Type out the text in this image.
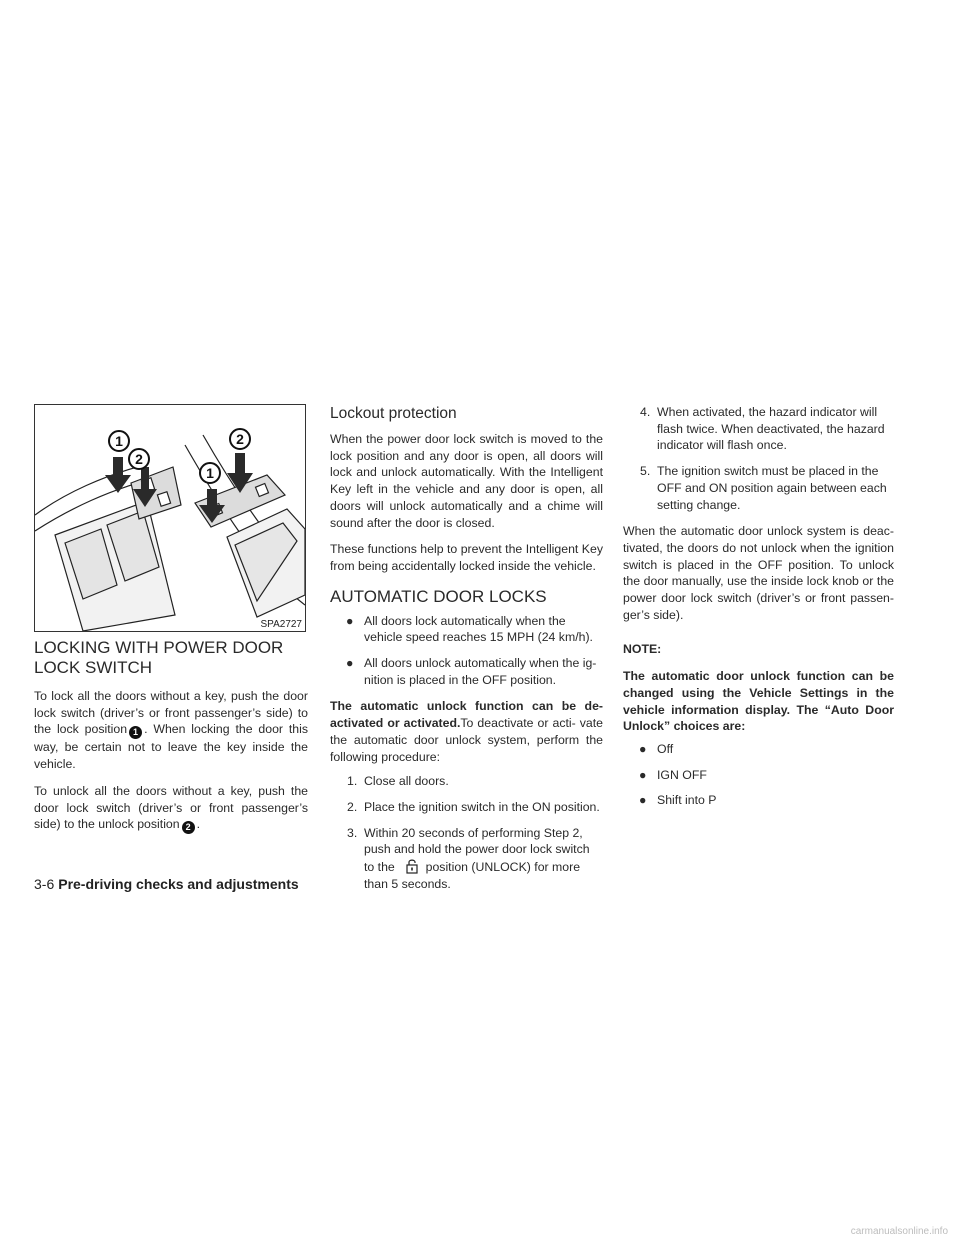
1
2
1
2
SPA2727
LOCKING WITH POWER DOOR
LOCK SWITCH

To lock all the doors without a key, push the door lock switch (driver’s or front passenger’s side) to the lock position 1 . When locking the door this way, be certain not to leave the key inside the vehicle.

To unlock all the doors without a key, push the door lock switch (driver’s or front passenger’s side) to the unlock position 2 .

Lockout protection

When the power door lock switch is moved to the lock position and any door is open, all doors will lock and unlock automatically. With the Intelligent Key left in the vehicle and any door is open, all doors will unlock automatically and a chime will sound after the door is closed.

These functions help to prevent the Intelligent Key from being accidentally locked inside the vehicle.

AUTOMATIC DOOR LOCKS
● All doors lock automatically when the vehicle speed reaches 15 MPH (24 km/h).
● All doors unlock automatically when the ig- nition is placed in the OFF position.

The automatic unlock function can be de- activated or activated.To deactivate or acti- vate the automatic door unlock system, perform the following procedure:

1. Close all doors.
2. Place the ignition switch in the ON position.
3. Within 20 seconds of performing Step 2, push and hold the power door lock switch to the	position (UNLOCK) for more than 5 seconds.
4. When activated, the hazard indicator will flash twice. When deactivated, the hazard indicator will flash once.
5. The ignition switch must be placed in the OFF and ON position again between each setting change.

When the automatic door unlock system is deac- tivated, the doors do not unlock when the ignition switch is placed in the OFF position. To unlock the door manually, use the inside lock knob or the power door lock switch (driver’s or front passen- ger’s side).

NOTE:

The automatic door unlock function can be changed using the Vehicle Settings in the vehicle information display. The “Auto Door Unlock” choices are:

● Off
● IGN OFF
● Shift into P
3-6 Pre-driving checks and adjustments
carmanualsonline.info
